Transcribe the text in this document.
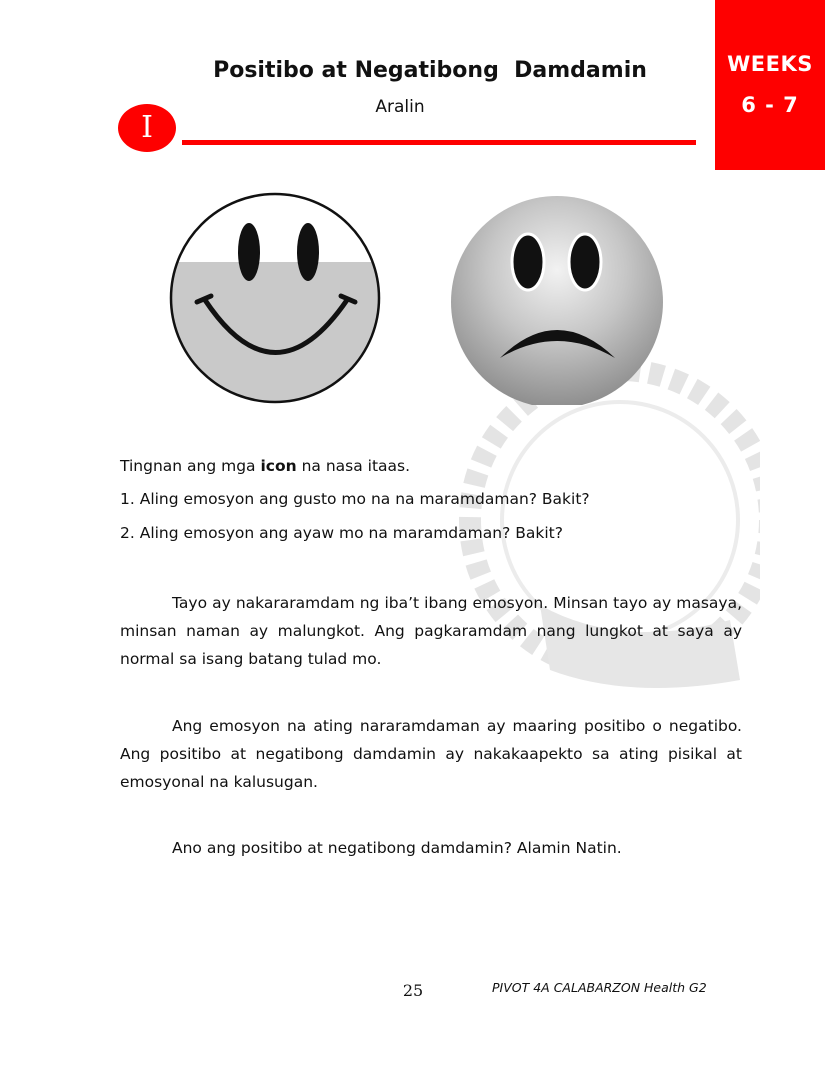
WEEKS
6 - 7
Positibo at Negatibong  Damdamin
Aralin
I
Tingnan ang mga icon na nasa itaas.
1. Aling emosyon ang gusto mo na na maramdaman? Bakit?
2. Aling emosyon ang ayaw mo na maramdaman? Bakit?
Tayo ay nakararamdam ng iba’t ibang emosyon. Minsan tayo ay masaya, minsan naman ay malungkot. Ang pagkaramdam nang lungkot at saya ay normal sa isang batang tulad mo.
Ang emosyon na ating nararamdaman ay maaring positibo o negatibo. Ang positibo at negatibong damdamin ay nakakaapekto sa ating pisikal at emosyonal na kalusugan.
Ano ang positibo at negatibong damdamin? Alamin Natin.
25	PIVOT 4A CALABARZON Health G2
